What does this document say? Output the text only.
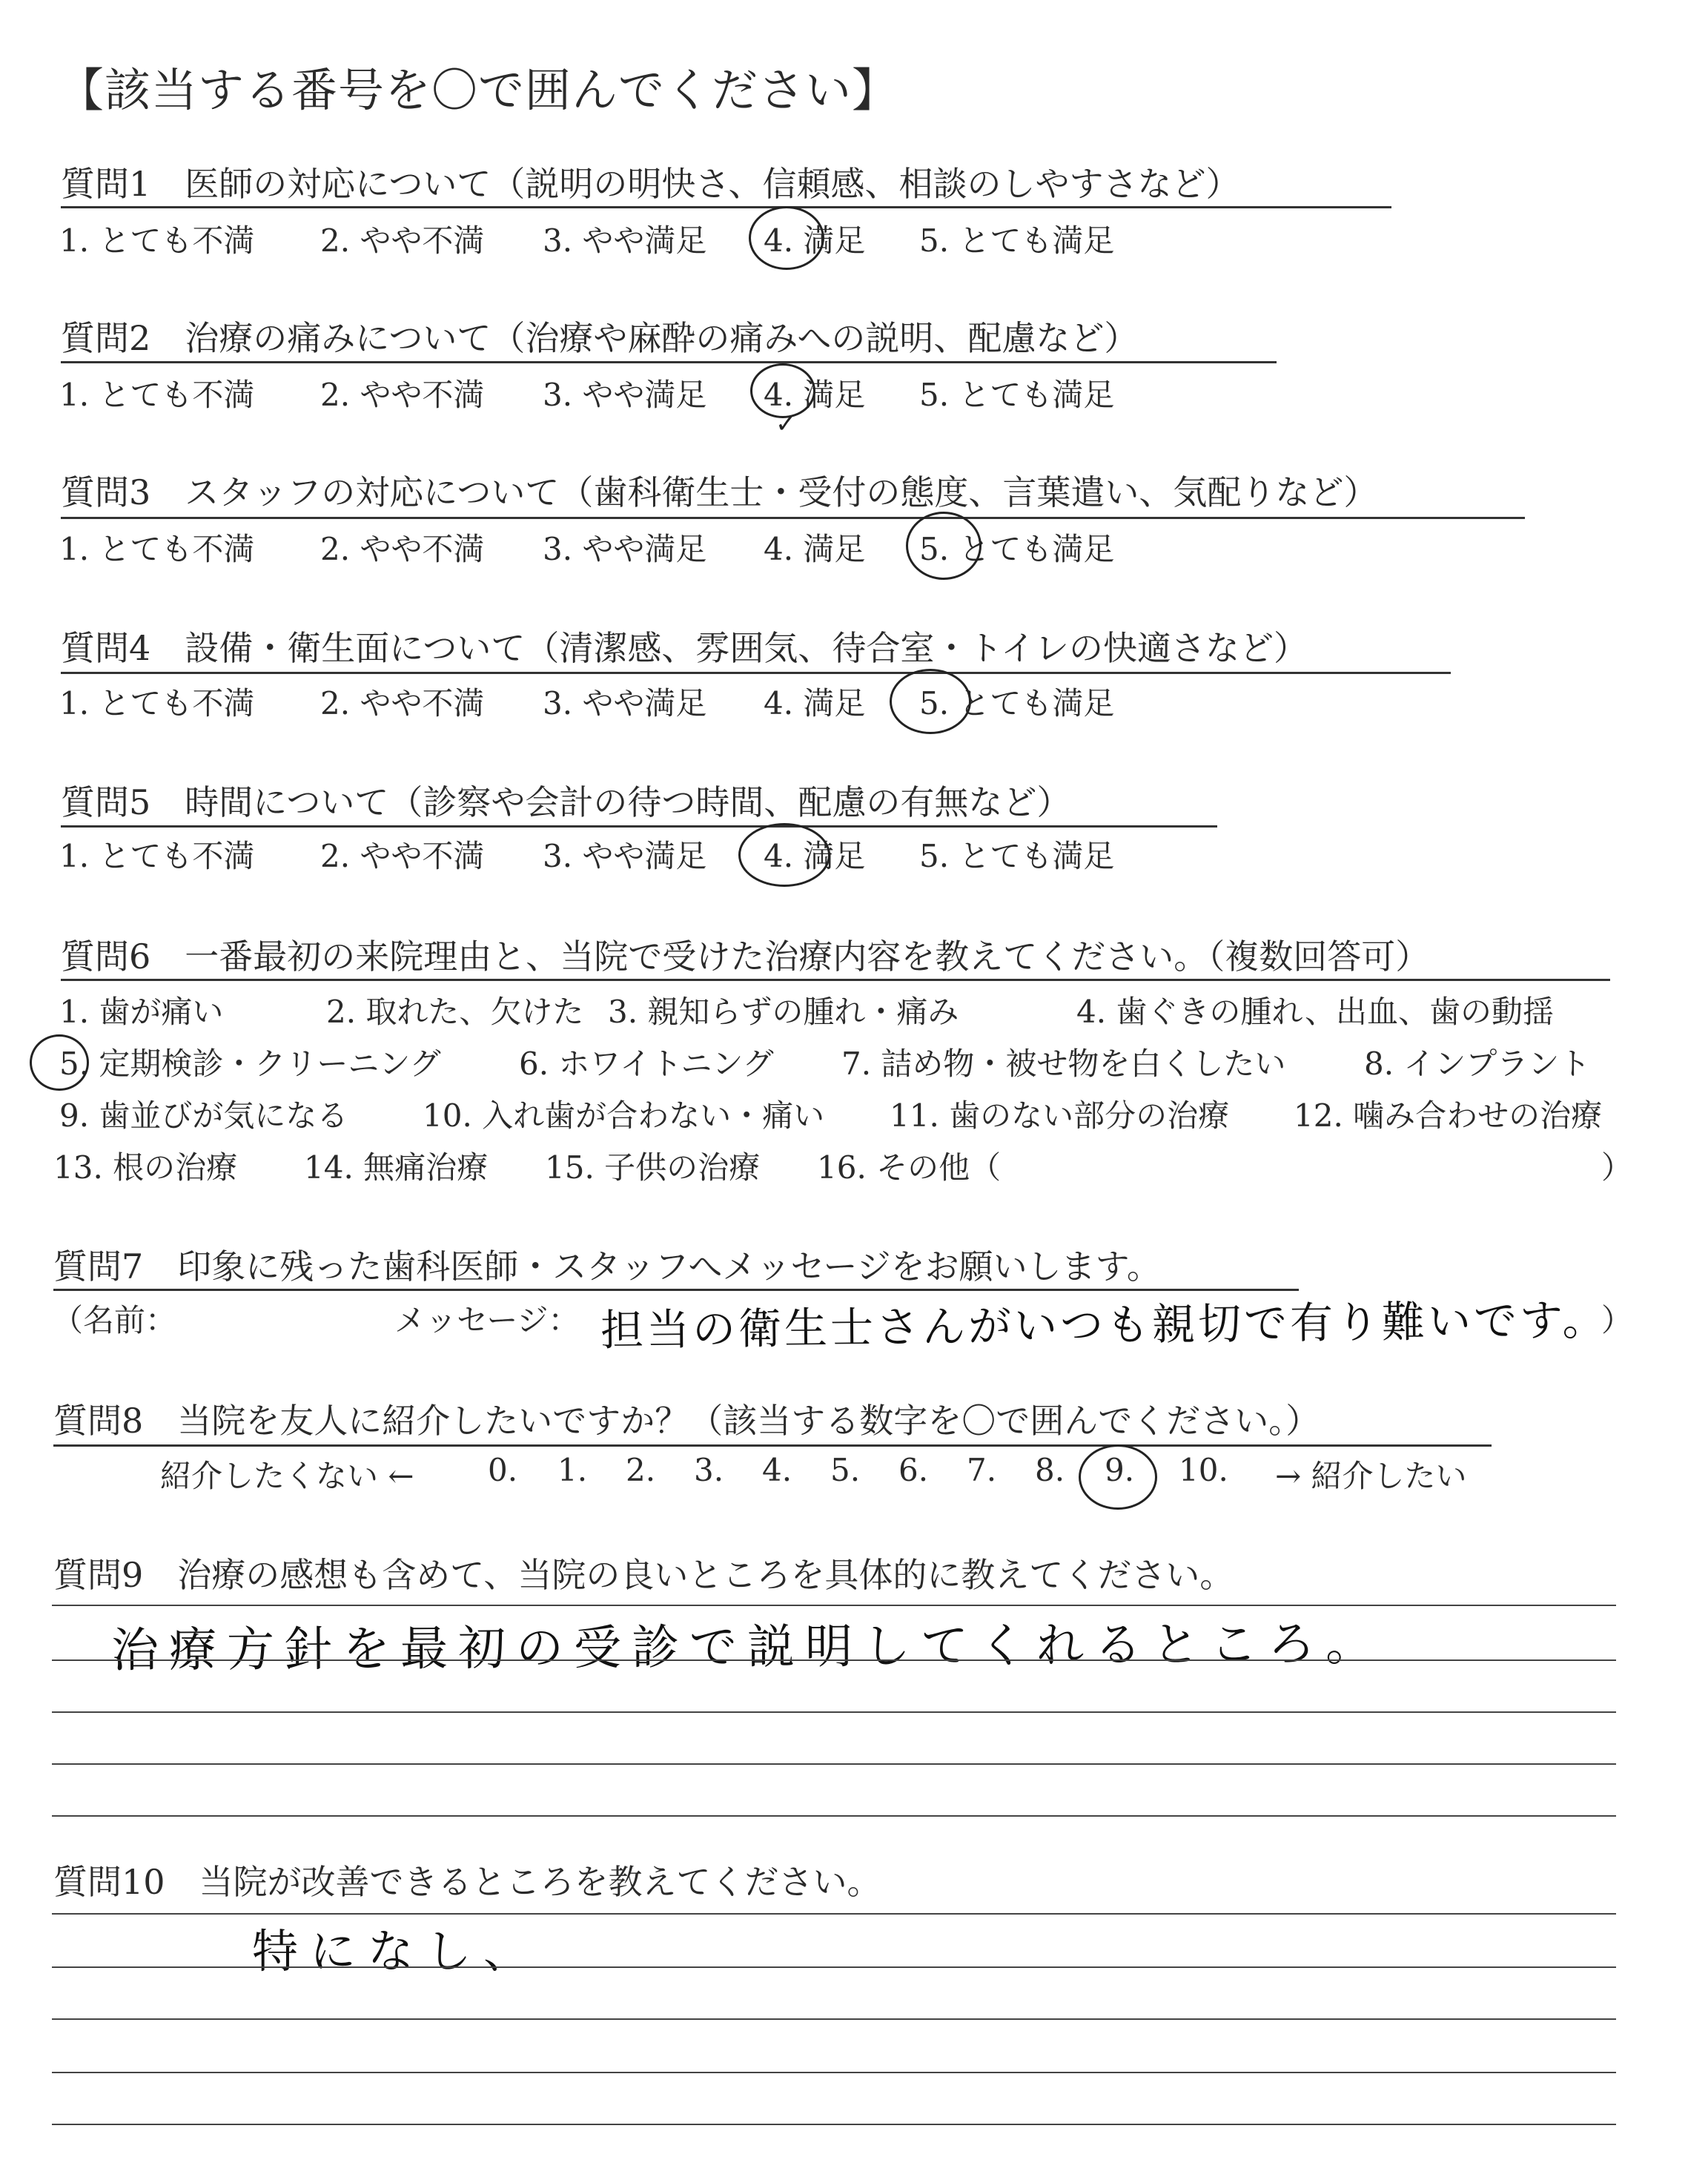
【該当する番号を〇で囲んでください】
質問1　医師の対応について（説明の明快さ、信頼感、相談のしやすさなど）
1. とても不満 2. やや不満 3. やや満足 4. 満足 5. とても満足
質問2　治療の痛みについて（治療や麻酔の痛みへの説明、配慮など）
1. とても不満 2. やや不満 3. やや満足 4. 満足 5. とても満足
✓
質問3　スタッフの対応について（歯科衛生士・受付の態度、言葉遣い、気配りなど）
1. とても不満 2. やや不満 3. やや満足 4. 満足 5. とても満足
質問4　設備・衛生面について（清潔感、雰囲気、待合室・トイレの快適さなど）
1. とても不満 2. やや不満 3. やや満足 4. 満足 5. とても満足
質問5　時間について（診察や会計の待つ時間、配慮の有無など）
1. とても不満 2. やや不満 3. やや満足 4. 満足 5. とても満足
質問6　一番最初の来院理由と、当院で受けた治療内容を教えてください。（複数回答可）
1. 歯が痛い	2. 取れた、欠けた 3. 親知らずの腫れ・痛み	4. 歯ぐきの腫れ、出血、歯の動揺
5. 定期検診・クリーニング	6. ホワイトニング 7. 詰め物・被せ物を白くしたい	8. インプラント
9. 歯並びが気になる 10. 入れ歯が合わない・痛い 11. 歯のない部分の治療 12. 噛み合わせの治療
13. 根の治療 14. 無痛治療 15. 子供の治療 16. その他（	）
質問7　印象に残った歯科医師・スタッフへメッセージをお願いします。
（名前：	メッセージ： 担当の衛生士さんがいつも親切で有り難いです。
）
質問8　当院を友人に紹介したいですか？（該当する数字を〇で囲んでください。）
紹介したくない ← 0. 1. 2. 3. 4. 5. 6. 7. 8. 9. 10. → 紹介したい
質問9　治療の感想も含めて、当院の良いところを具体的に教えてください。
治療方針を最初の受診で説明してくれるところ。
質問10　当院が改善できるところを教えてください。
特になし、
